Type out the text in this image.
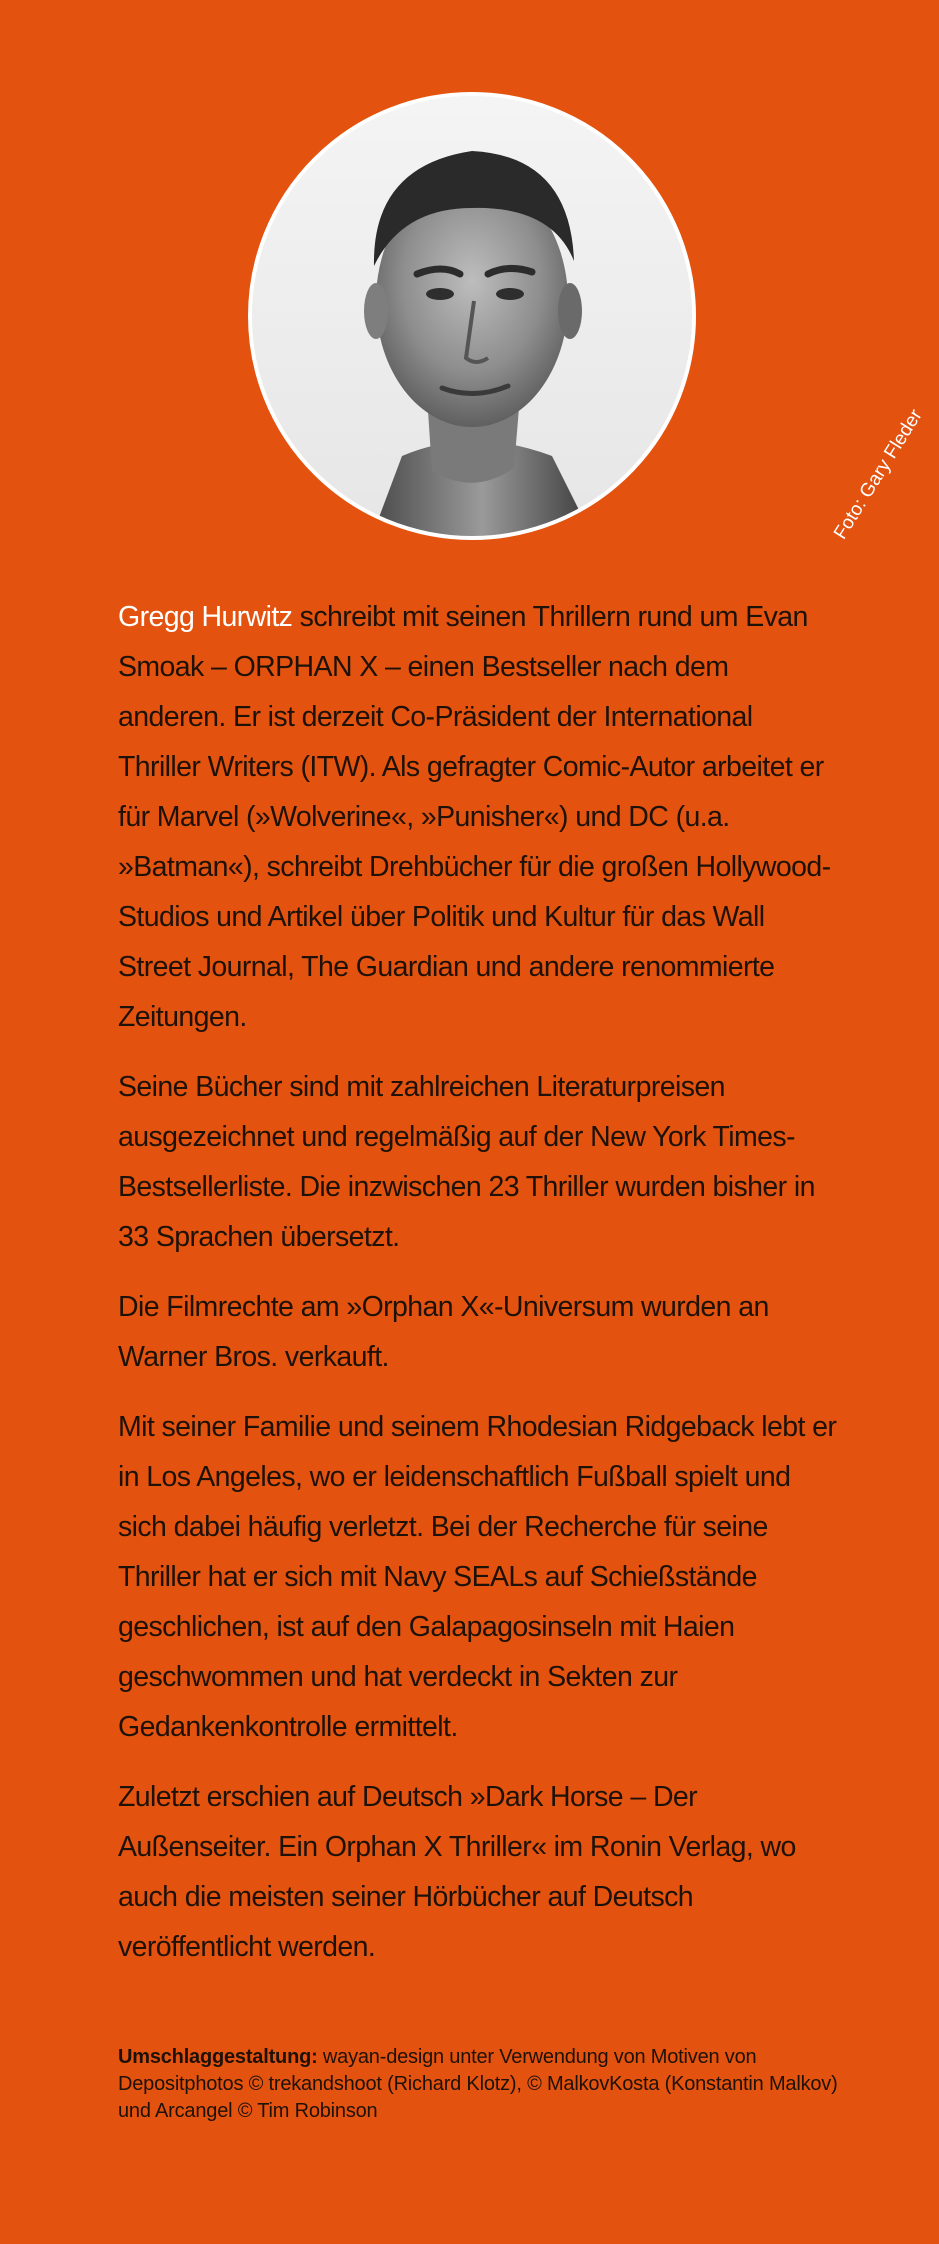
Foto: Gary Fleder

Gregg Hurwitz schreibt mit seinen Thrillern rund um Evan Smoak – ORPHAN X – einen Bestseller nach dem anderen. Er ist derzeit Co-Präsident der International Thriller Writers (ITW). Als gefragter Comic-Autor arbeitet er für Marvel (»Wolverine«, »Punisher«) und DC (u.a. »Batman«), schreibt Drehbücher für die großen Hollywood-Studios und Artikel über Politik und Kultur für das Wall Street Journal, The Guardian und andere renommierte Zeitungen.

Seine Bücher sind mit zahlreichen Literaturpreisen ausgezeichnet und regelmäßig auf der New York Times-Bestsellerliste. Die inzwischen 23 Thriller wurden bisher in 33 Sprachen übersetzt.

Die Filmrechte am »Orphan X«-Universum wurden an Warner Bros. verkauft.

Mit seiner Familie und seinem Rhodesian Ridgeback lebt er in Los Angeles, wo er leidenschaftlich Fußball spielt und sich dabei häufig verletzt. Bei der Recherche für seine Thriller hat er sich mit Navy SEALs auf Schießstände geschlichen, ist auf den Galapagosinseln mit Haien geschwommen und hat verdeckt in Sekten zur Gedankenkontrolle ermittelt.

Zuletzt erschien auf Deutsch »Dark Horse – Der Außenseiter. Ein Orphan X Thriller« im Ronin Verlag, wo auch die meisten seiner Hörbücher auf Deutsch veröffentlicht werden.

Umschlaggestaltung: wayan-design unter Verwendung von Motiven von Depositphotos © trekandshoot (Richard Klotz), © MalkovKosta (Konstantin Malkov) und Arcangel © Tim Robinson
